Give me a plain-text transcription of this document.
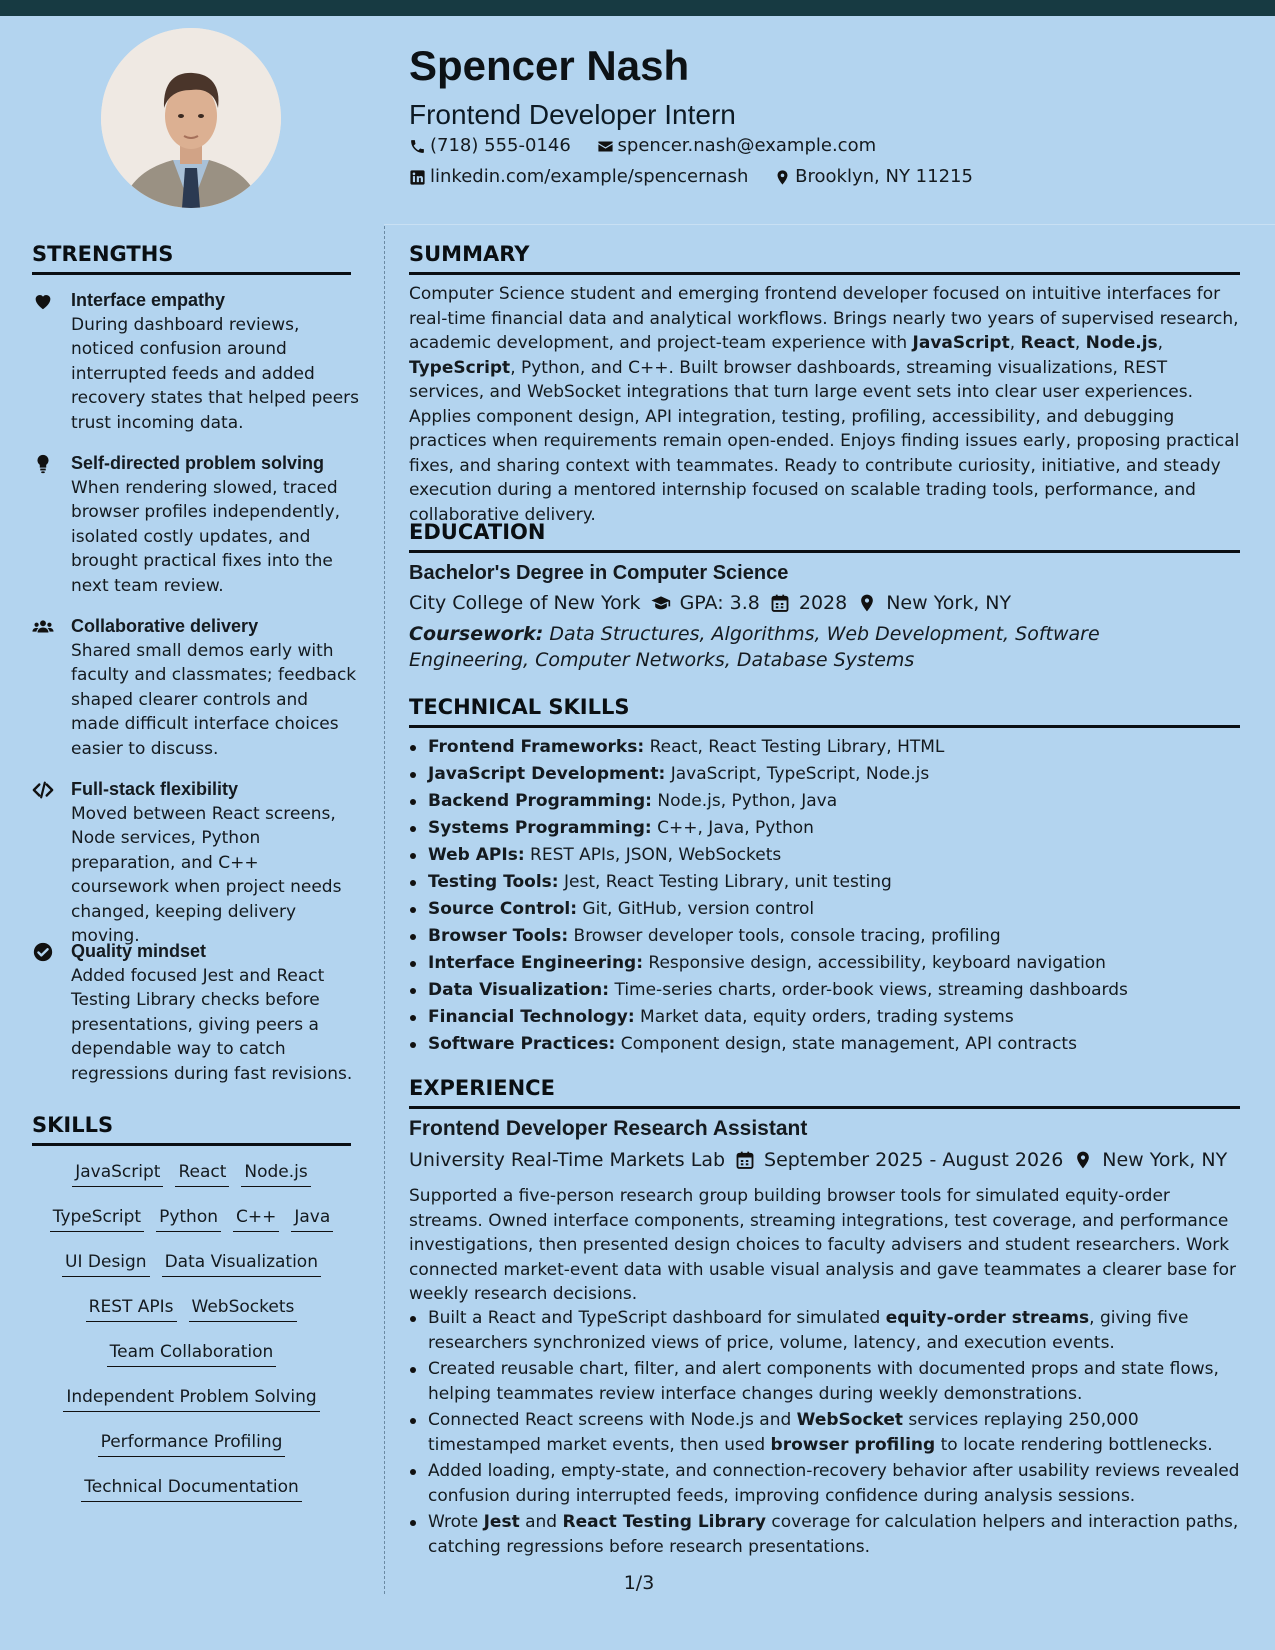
Spencer Nash
Frontend Developer Intern
(718) 555-0146
	spencer.nash@example.com
linkedin.com/example/spencernash
	Brooklyn, NY 11215
STRENGTHS
Interface empathy
During dashboard reviews, noticed confusion around interrupted feeds and added recovery states that helped peers trust incoming data.
Self-directed problem solving
When rendering slowed, traced browser profiles independently, isolated costly updates, and brought practical fixes into the next team review.
Collaborative delivery
Shared small demos early with faculty and classmates; feedback shaped clearer controls and made difficult interface choices easier to discuss.
Full-stack flexibility
Moved between React screens, Node services, Python preparation, and C++ coursework when project needs changed, keeping delivery moving.
Quality mindset
Added focused Jest and React Testing Library checks before presentations, giving peers a dependable way to catch regressions during fast revisions.
SKILLS
JavaScript React Node.js
TypeScript Python C++ Java
UI Design Data Visualization
REST APIs WebSockets
Team Collaboration
Independent Problem Solving
Performance Profiling
Technical Documentation
SUMMARY
Computer Science student and emerging frontend developer focused on intuitive interfaces for real-time financial data and analytical workflows. Brings nearly two years of supervised research, academic development, and project-team experience with JavaScript, React, Node.js, TypeScript, Python, and C++. Built browser dashboards, streaming visualizations, REST services, and WebSocket integrations that turn large event sets into clear user experiences. Applies component design, API integration, testing, profiling, accessibility, and debugging practices when requirements remain open-ended. Enjoys finding issues early, proposing practical fixes, and sharing context with teammates. Ready to contribute curiosity, initiative, and steady execution during a mentored internship focused on scalable trading tools, performance, and collaborative delivery.
EDUCATION
Bachelor's Degree in Computer Science
City College of New York GPA: 3.8 2028 New York, NY
Coursework: Data Structures, Algorithms, Web Development, Software Engineering, Computer Networks, Database Systems
TECHNICAL SKILLS
Frontend Frameworks: React, React Testing Library, HTML
JavaScript Development: JavaScript, TypeScript, Node.js
Backend Programming: Node.js, Python, Java
Systems Programming: C++, Java, Python
Web APIs: REST APIs, JSON, WebSockets
Testing Tools: Jest, React Testing Library, unit testing
Source Control: Git, GitHub, version control
Browser Tools: Browser developer tools, console tracing, profiling
Interface Engineering: Responsive design, accessibility, keyboard navigation
Data Visualization: Time-series charts, order-book views, streaming dashboards
Financial Technology: Market data, equity orders, trading systems
Software Practices: Component design, state management, API contracts
EXPERIENCE
Frontend Developer Research Assistant
University Real-Time Markets Lab September 2025 - August 2026 New York, NY
Supported a five-person research group building browser tools for simulated equity-order streams. Owned interface components, streaming integrations, test coverage, and performance investigations, then presented design choices to faculty advisers and student researchers. Work connected market-event data with usable visual analysis and gave teammates a clearer base for weekly research decisions.
Built a React and TypeScript dashboard for simulated equity-order streams, giving five researchers synchronized views of price, volume, latency, and execution events.
Created reusable chart, filter, and alert components with documented props and state flows, helping teammates review interface changes during weekly demonstrations.
Connected React screens with Node.js and WebSocket services replaying 250,000 timestamped market events, then used browser profiling to locate rendering bottlenecks.
Added loading, empty-state, and connection-recovery behavior after usability reviews revealed confusion during interrupted feeds, improving confidence during analysis sessions.
Wrote Jest and React Testing Library coverage for calculation helpers and interaction paths, catching regressions before research presentations.
1/3
